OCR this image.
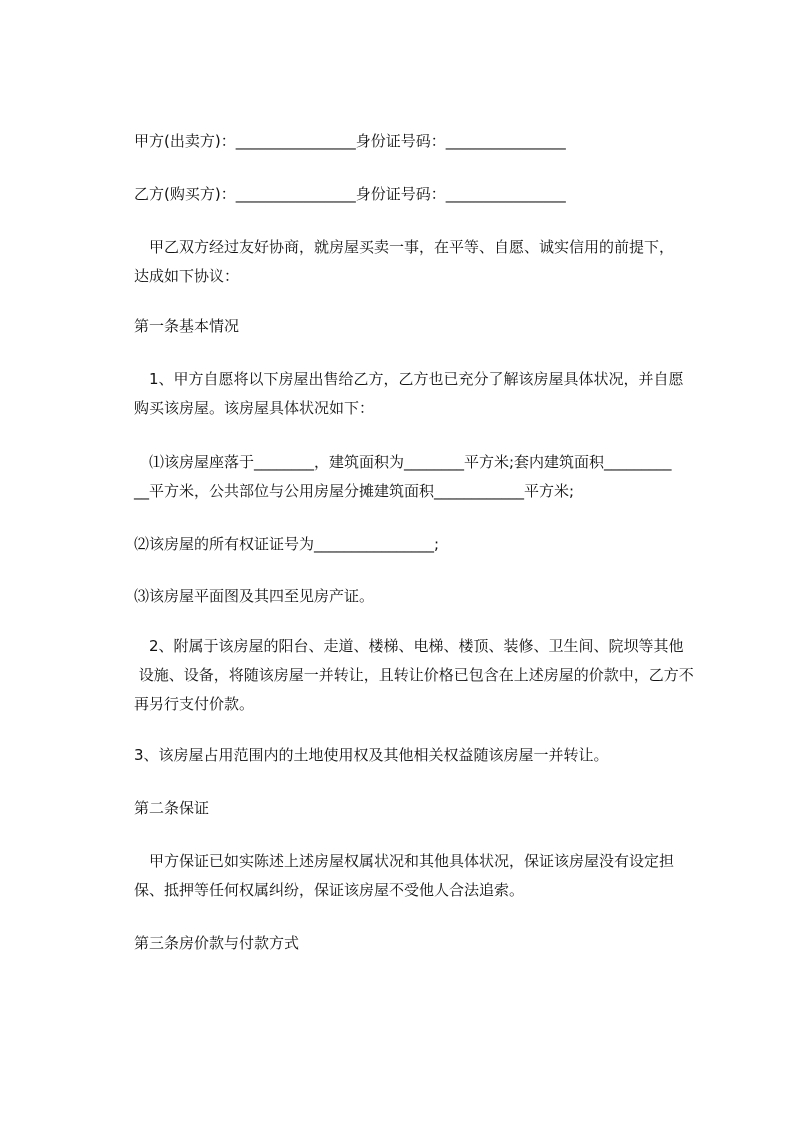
甲方(出卖方)：________________身份证号码：________________

乙方(购买方)：________________身份证号码：________________

　甲乙双方经过友好协商，就房屋买卖一事，在平等、自愿、诚实信用的前提下，

达成如下协议：

第一条基本情况

　1、甲方自愿将以下房屋出售给乙方，乙方也已充分了解该房屋具体状况，并自愿

购买该房屋。该房屋具体状况如下：

　⑴该房屋座落于________，建筑面积为________平方米;套内建筑面积_________

__平方米，公共部位与公用房屋分摊建筑面积____________平方米;

⑵该房屋的所有权证证号为________________;

⑶该房屋平面图及其四至见房产证。

　2、附属于该房屋的阳台、走道、楼梯、电梯、楼顶、装修、卫生间、院坝等其他

设施、设备，将随该房屋一并转让，且转让价格已包含在上述房屋的价款中，乙方不

再另行支付价款。

3、该房屋占用范围内的土地使用权及其他相关权益随该房屋一并转让。

第二条保证

　甲方保证已如实陈述上述房屋权属状况和其他具体状况，保证该房屋没有设定担

保、抵押等任何权属纠纷，保证该房屋不受他人合法追索。

第三条房价款与付款方式
